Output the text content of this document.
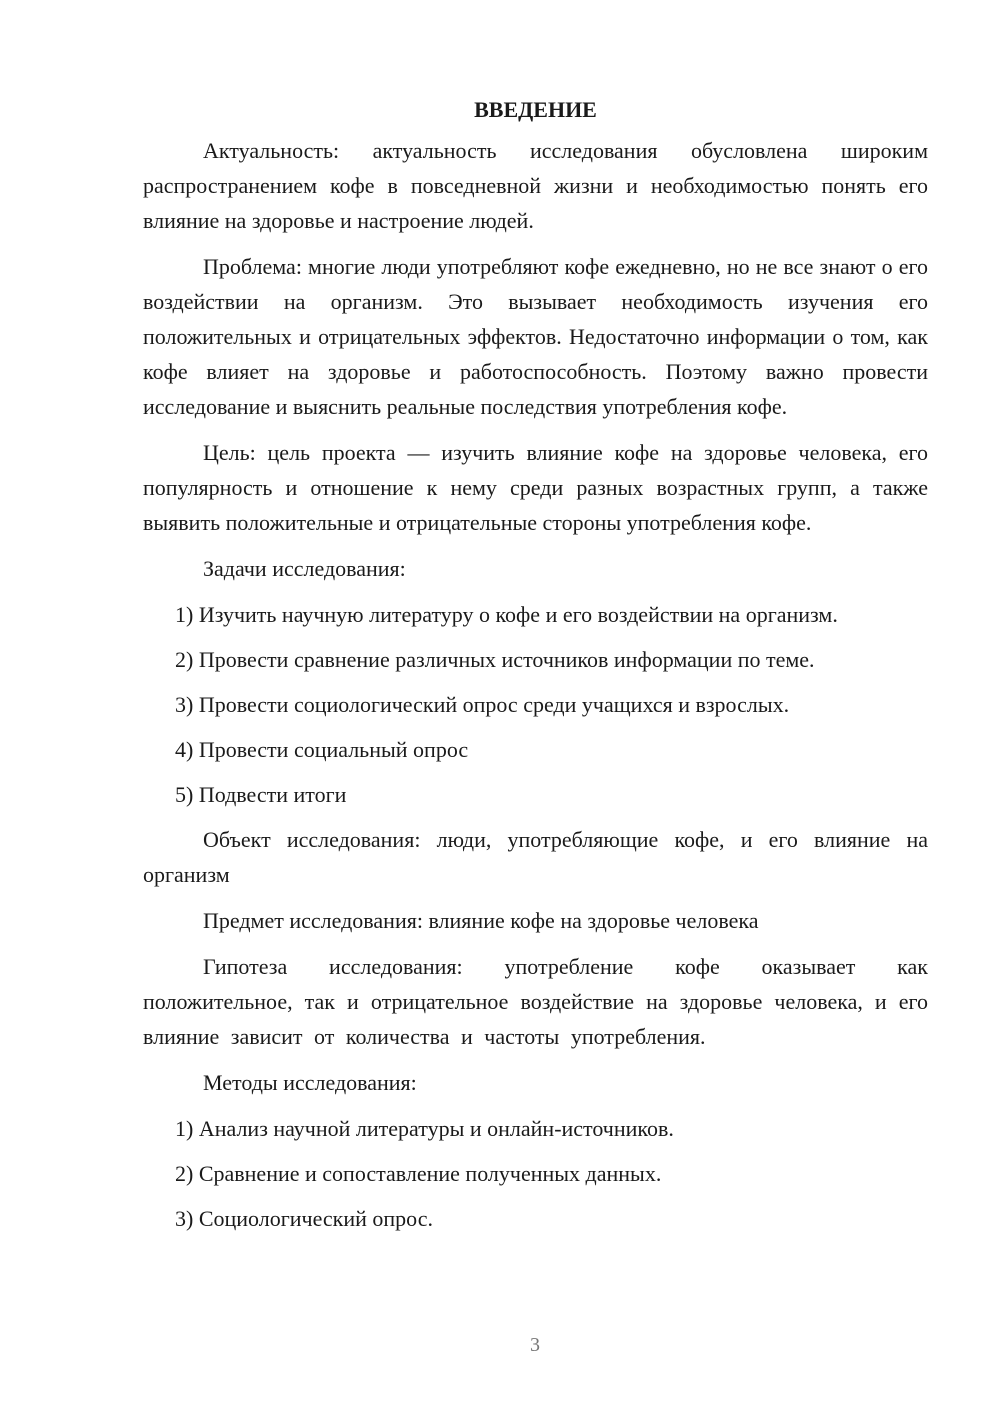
ВВЕДЕНИЕ

Актуальность: актуальность исследования обусловлена широким распространением кофе в повседневной жизни и необходимостью понять его влияние на здоровье и настроение людей.

Проблема: многие люди употребляют кофе ежедневно, но не все знают о его воздействии на организм. Это вызывает необходимость изучения его положительных и отрицательных эффектов. Недостаточно информации о том, как кофе влияет на здоровье и работоспособность. Поэтому важно провести исследование и выяснить реальные последствия употребления кофе.

Цель: цель проекта — изучить влияние кофе на здоровье человека, его популярность и отношение к нему среди разных возрастных групп, а также выявить положительные и отрицательные стороны употребления кофе.

Задачи исследования:

1) Изучить научную литературу о кофе и его воздействии на организм.
2) Провести сравнение различных источников информации по теме.
3) Провести социологический опрос среди учащихся и взрослых.
4) Провести социальный опрос
5) Подвести итоги

Объект исследования: люди, употребляющие кофе, и его влияние на организм

Предмет исследования: влияние кофе на здоровье человека

Гипотеза исследования: употребление кофе оказывает как положительное, так и отрицательное воздействие на здоровье человека, и его влияние зависит от количества и частоты употребления.

Методы исследования:

1) Анализ научной литературы и онлайн-источников.
2) Сравнение и сопоставление полученных данных.
3) Социологический опрос.
3
